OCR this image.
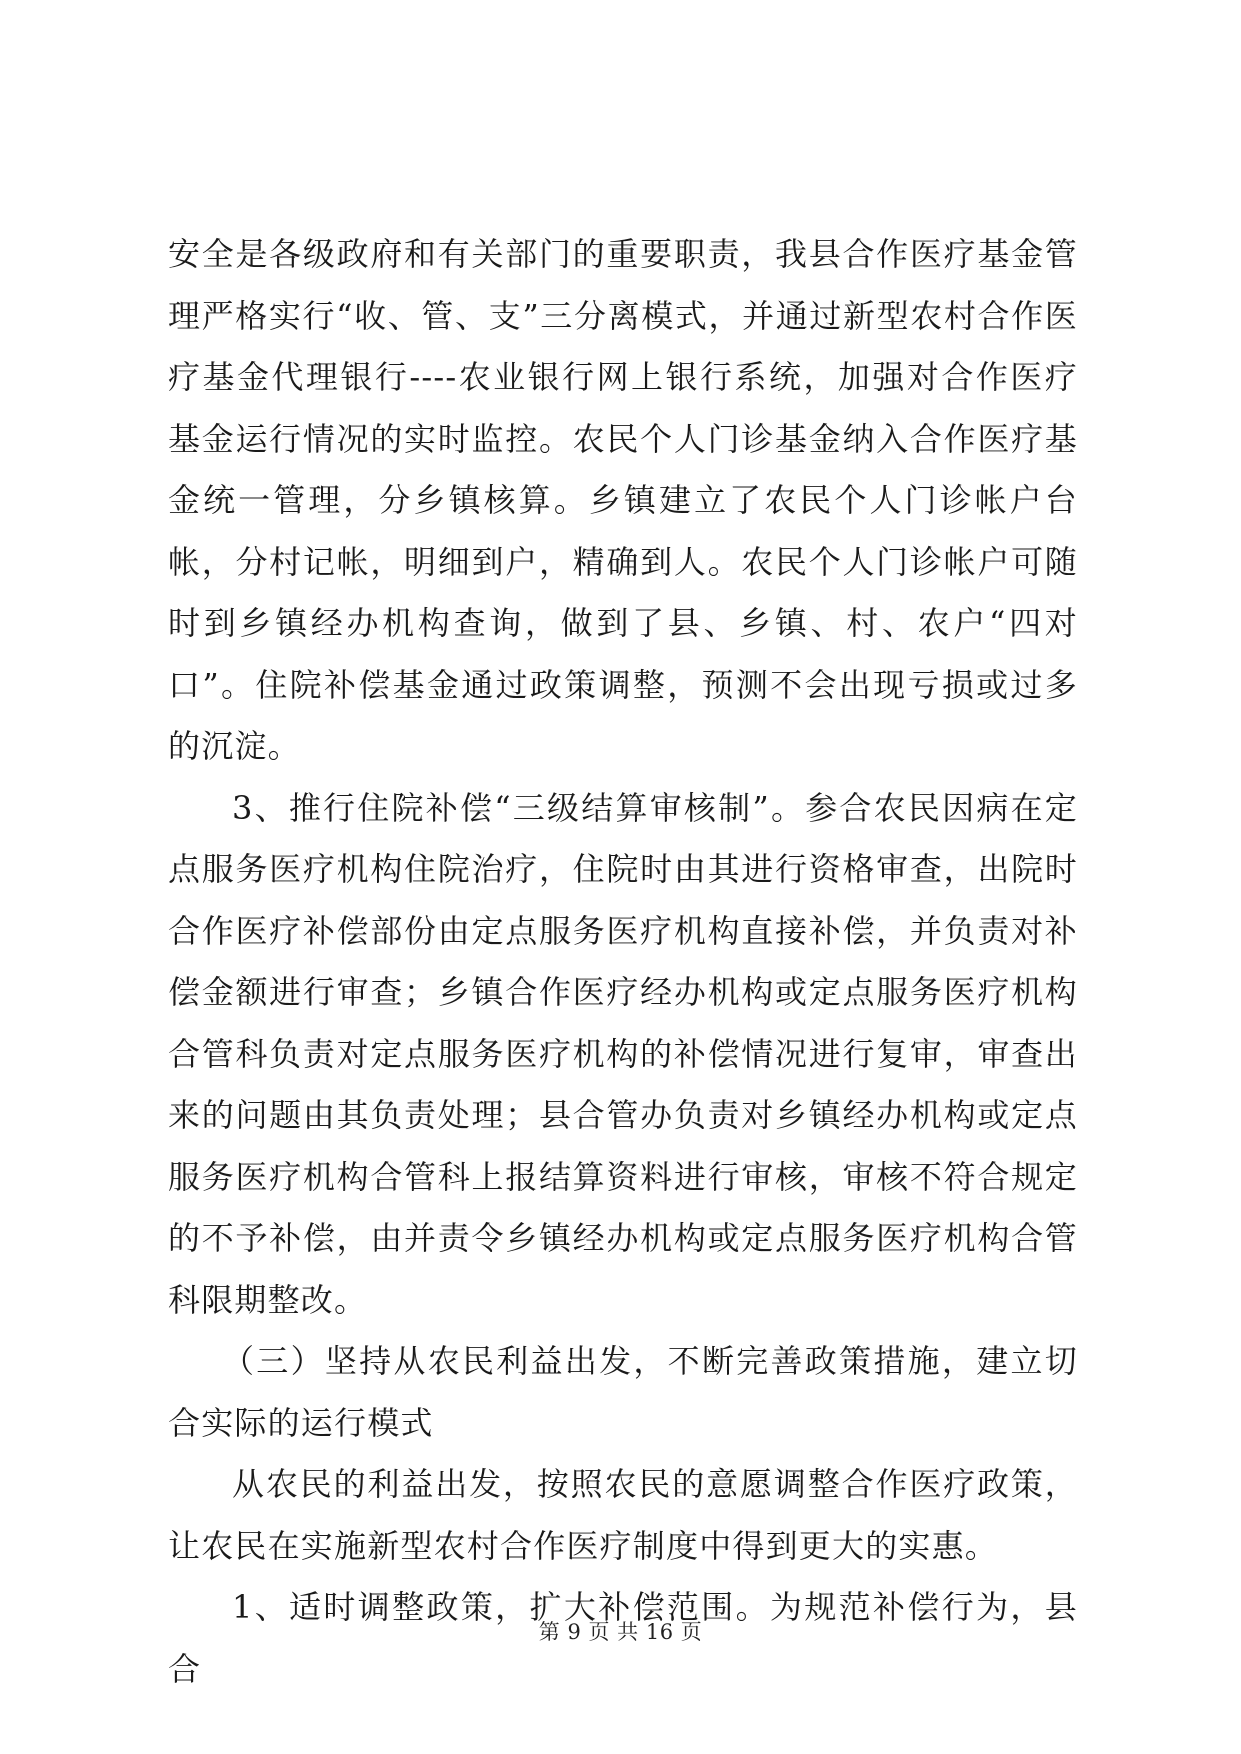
安全是各级政府和有关部门的重要职责，我县合作医疗基金管理严格实行“收、管、支”三分离模式，并通过新型农村合作医疗基金代理银行----农业银行网上银行系统，加强对合作医疗基金运行情况的实时监控。农民个人门诊基金纳入合作医疗基金统一管理，分乡镇核算。乡镇建立了农民个人门诊帐户台帐，分村记帐，明细到户，精确到人。农民个人门诊帐户可随时到乡镇经办机构查询，做到了县、乡镇、村、农户“四对口”。住院补偿基金通过政策调整，预测不会出现亏损或过多的沉淀。

3、推行住院补偿“三级结算审核制”。参合农民因病在定点服务医疗机构住院治疗，住院时由其进行资格审查，出院时合作医疗补偿部份由定点服务医疗机构直接补偿，并负责对补偿金额进行审查；乡镇合作医疗经办机构或定点服务医疗机构合管科负责对定点服务医疗机构的补偿情况进行复审，审查出来的问题由其负责处理；县合管办负责对乡镇经办机构或定点服务医疗机构合管科上报结算资料进行审核，审核不符合规定的不予补偿，由并责令乡镇经办机构或定点服务医疗机构合管科限期整改。

（三）坚持从农民利益出发，不断完善政策措施，建立切合实际的运行模式

从农民的利益出发，按照农民的意愿调整合作医疗政策，让农民在实施新型农村合作医疗制度中得到更大的实惠。

1、适时调整政策，扩大补偿范围。为规范补偿行为，县合

第 9 页 共 16 页
